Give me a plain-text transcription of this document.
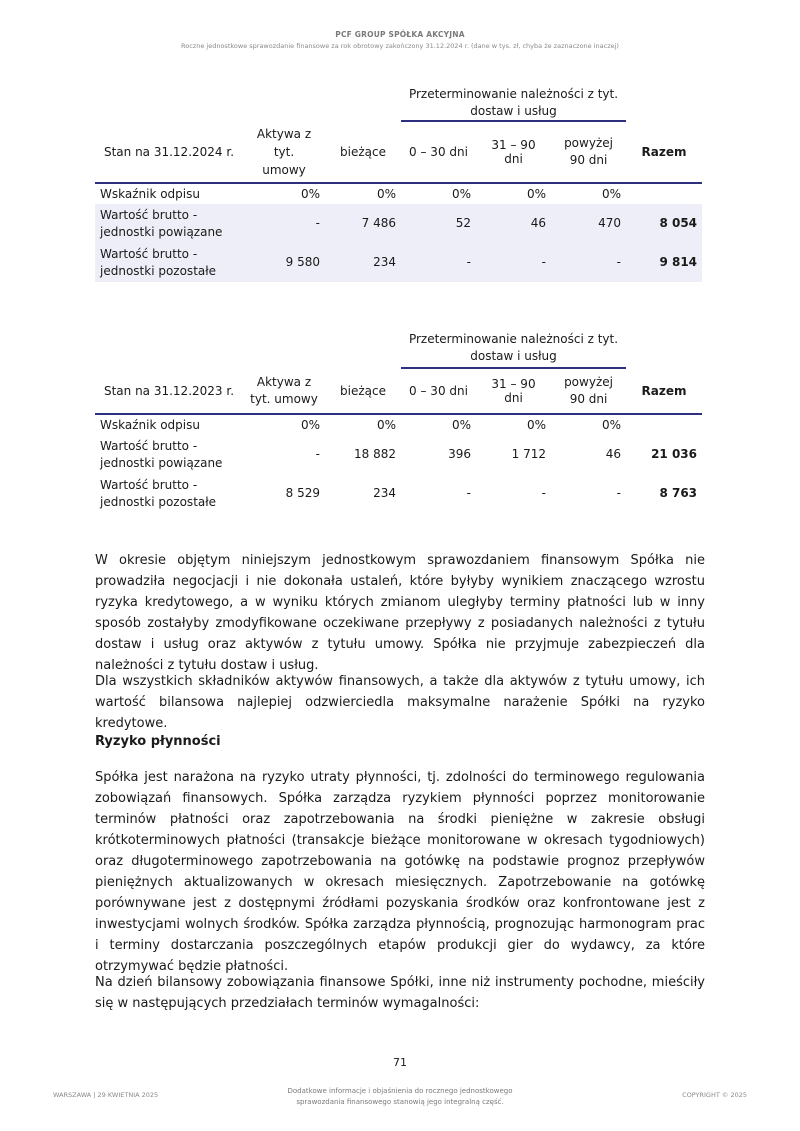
PCF GROUP SPÓŁKA AKCYJNA
Roczne jednostkowe sprawozdanie finansowe za rok obrotowy zakończony 31.12.2024 r. (dane w tys. zł, chyba że zaznaczone inaczej)
			Przeterminowanie należności z tyt. dostaw i usług			
Stan na 31.12.2024 r.	Aktywa z tyt. umowy	bieżące	0 – 30 dni	31 – 90 dni	powyżej 90 dni	Razem
Wskaźnik odpisu	0%	0%	0%	0%	0%	
Wartość brutto - jednostki powiązane	-	7 486	52	46	470	8 054
Wartość brutto - jednostki pozostałe	9 580	234	-	-	-	9 814
			Przeterminowanie należności z tyt. dostaw i usług			
Stan na 31.12.2023 r.	Aktywa z tyt. umowy	bieżące	0 – 30 dni	31 – 90 dni	powyżej 90 dni	Razem
Wskaźnik odpisu	0%	0%	0%	0%	0%	
Wartość brutto - jednostki powiązane	-	18 882	396	1 712	46	21 036
Wartość brutto - jednostki pozostałe	8 529	234	-	-	-	8 763

W okresie objętym niniejszym jednostkowym sprawozdaniem finansowym Spółka nie prowadziła negocjacji i nie dokonała ustaleń, które byłyby wynikiem znaczącego wzrostu ryzyka kredytowego, a w wyniku których zmianom uległyby terminy płatności lub w inny sposób zostałyby zmodyfikowane oczekiwane przepływy z posiadanych należności z tytułu dostaw i usług oraz aktywów z tytułu umowy. Spółka nie przyjmuje zabezpieczeń dla należności z tytułu dostaw i usług.

Dla wszystkich składników aktywów finansowych, a także dla aktywów z tytułu umowy, ich wartość bilansowa najlepiej odzwierciedla maksymalne narażenie Spółki na ryzyko kredytowe.

Ryzyko płynności

Spółka jest narażona na ryzyko utraty płynności, tj. zdolności do terminowego regulowania zobowiązań finansowych. Spółka zarządza ryzykiem płynności poprzez monitorowanie terminów płatności oraz zapotrzebowania na środki pieniężne w zakresie obsługi krótkoterminowych płatności (transakcje bieżące monitorowane w okresach tygodniowych) oraz długoterminowego zapotrzebowania na gotówkę na podstawie prognoz przepływów pieniężnych aktualizowanych w okresach miesięcznych. Zapotrzebowanie na gotówkę porównywane jest z dostępnymi źródłami pozyskania środków oraz konfrontowane jest z inwestycjami wolnych środków. Spółka zarządza płynnością, prognozując harmonogram prac i terminy dostarczania poszczególnych etapów produkcji gier do wydawcy, za które otrzymywać będzie płatności.

Na dzień bilansowy zobowiązania finansowe Spółki, inne niż instrumenty pochodne, mieściły się w następujących przedziałach terminów wymagalności:

71
WARSZAWA | 29 KWIETNIA 2025	Dodatkowe informacje i objaśnienia do rocznego jednostkowego
sprawozdania finansowego stanowią jego integralną część.
COPYRIGHT © 2025
